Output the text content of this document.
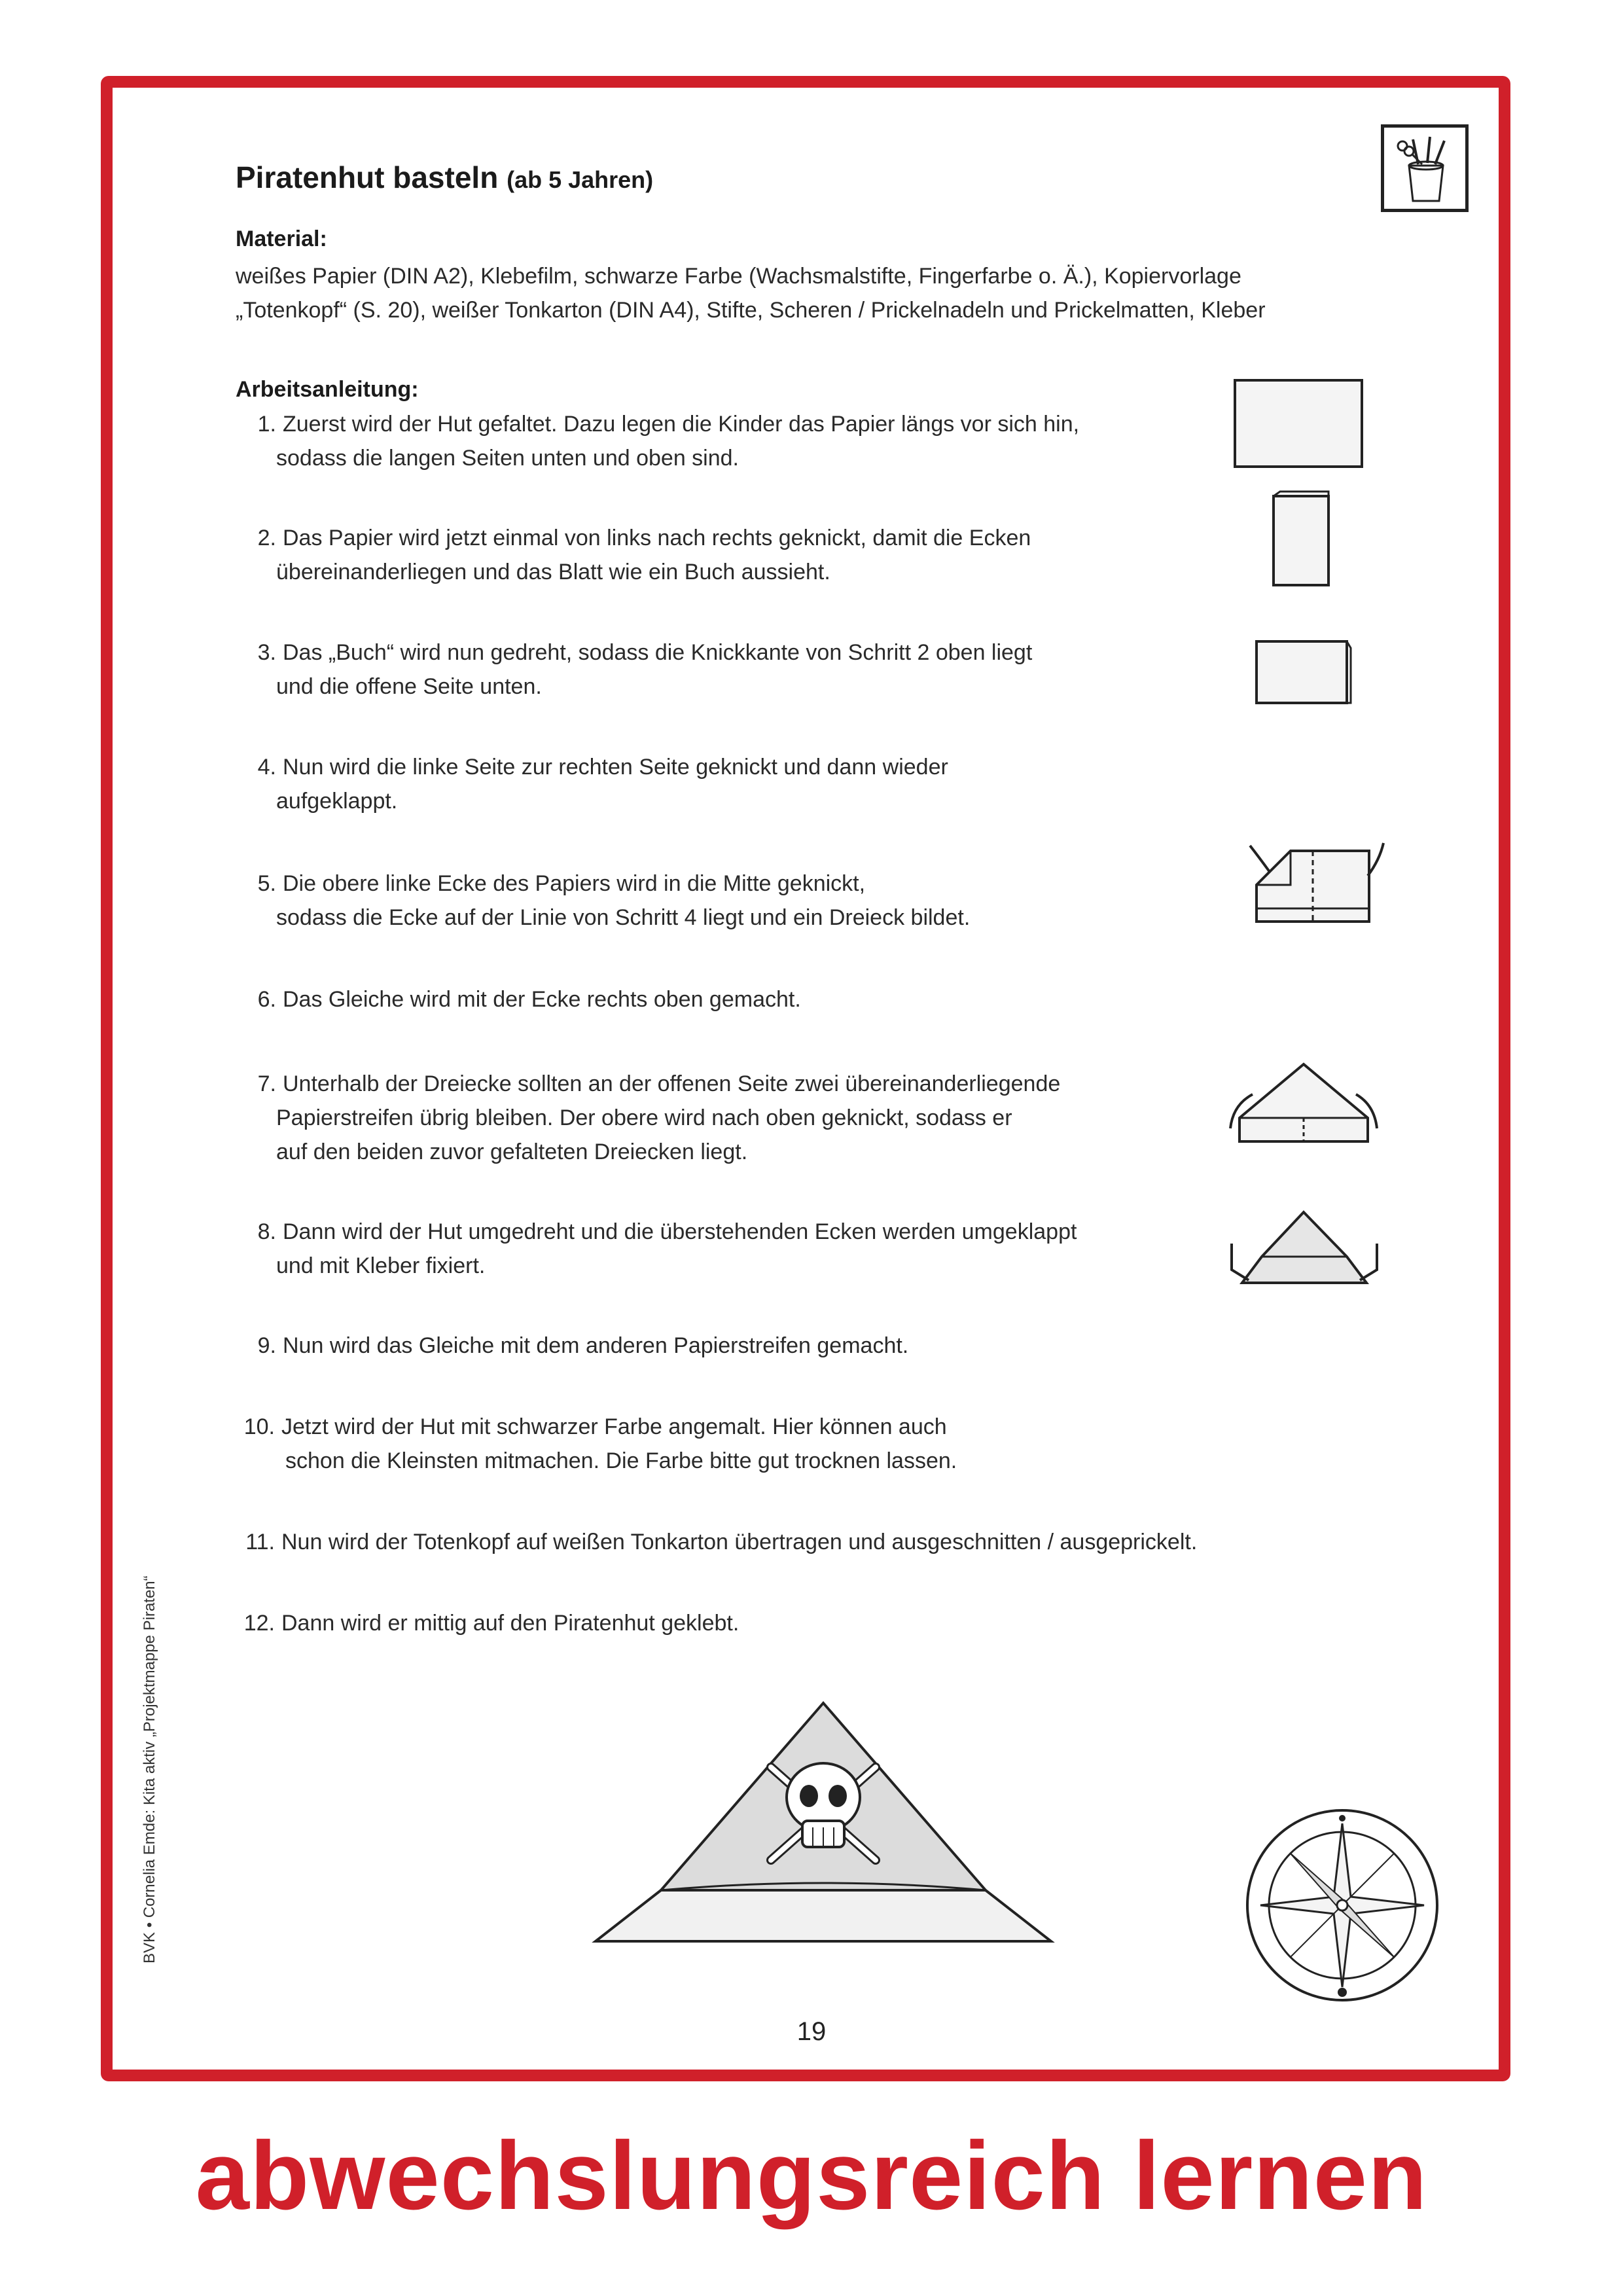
Piratenhut basteln (ab 5 Jahren)
Material:
weißes Papier (DIN A2), Klebefilm, schwarze Farbe (Wachsmalstifte, Fingerfarbe o. Ä.), Kopiervorlage
„Totenkopf“ (S. 20), weißer Tonkarton (DIN A4), Stifte, Scheren / Prickelnadeln und Prickelmatten, Kleber
Arbeitsanleitung:
1. Zuerst wird der Hut gefaltet. Dazu legen die Kinder das Papier längs vor sich hin,
sodass die langen Seiten unten und oben sind.
2. Das Papier wird jetzt einmal von links nach rechts geknickt, damit die Ecken
übereinanderliegen und das Blatt wie ein Buch aussieht.
3. Das „Buch“ wird nun gedreht, sodass die Knickkante von Schritt 2 oben liegt
und die offene Seite unten.
4. Nun wird die linke Seite zur rechten Seite geknickt und dann wieder
aufgeklappt.
5. Die obere linke Ecke des Papiers wird in die Mitte geknickt,
sodass die Ecke auf der Linie von Schritt 4 liegt und ein Dreieck bildet.
6. Das Gleiche wird mit der Ecke rechts oben gemacht.
7. Unterhalb der Dreiecke sollten an der offenen Seite zwei übereinanderliegende
Papierstreifen übrig bleiben. Der obere wird nach oben geknickt, sodass er
auf den beiden zuvor gefalteten Dreiecken liegt.
8. Dann wird der Hut umgedreht und die überstehenden Ecken werden umgeklappt
und mit Kleber fixiert.
9. Nun wird das Gleiche mit dem anderen Papierstreifen gemacht.
10. Jetzt wird der Hut mit schwarzer Farbe angemalt. Hier können auch
schon die Kleinsten mitmachen. Die Farbe bitte gut trocknen lassen.
11. Nun wird der Totenkopf auf weißen Tonkarton übertragen und ausgeschnitten / ausgeprickelt.
12. Dann wird er mittig auf den Piratenhut geklebt.
BVK • Cornelia Emde: Kita aktiv „Projektmappe Piraten“
19
abwechslungsreich lernen
